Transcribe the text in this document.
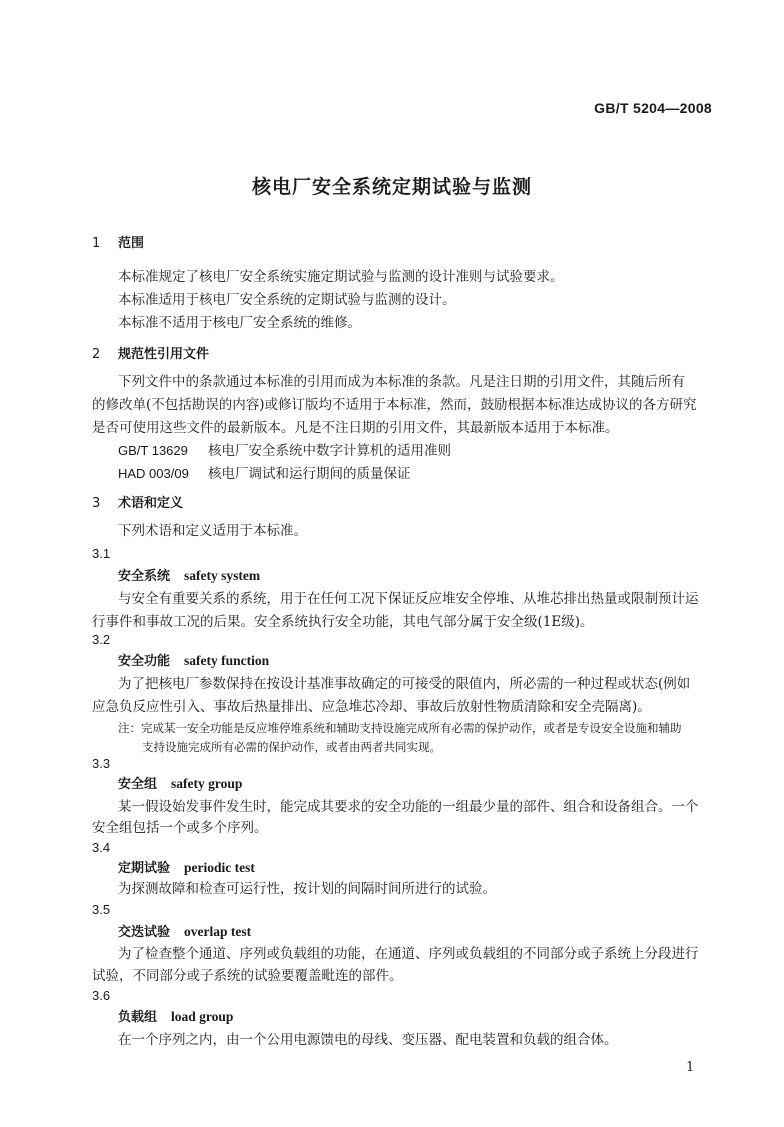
GB/T 5204—2008
核电厂安全系统定期试验与监测
1 范围
本标准规定了核电厂安全系统实施定期试验与监测的设计准则与试验要求。
本标准适用于核电厂安全系统的定期试验与监测的设计。
本标准不适用于核电厂安全系统的维修。
2 规范性引用文件
下列文件中的条款通过本标准的引用而成为本标准的条款。凡是注日期的引用文件，其随后所有
的修改单(不包括勘误的内容)或修订版均不适用于本标准，然而，鼓励根据本标准达成协议的各方研究
是否可使用这些文件的最新版本。凡是不注日期的引用文件，其最新版本适用于本标准。
GB/T 13629 核电厂安全系统中数字计算机的适用准则
HAD 003/09 核电厂调试和运行期间的质量保证
3 术语和定义
下列术语和定义适用于本标准。
3.1
安全系统 safety system
与安全有重要关系的系统，用于在任何工况下保证反应堆安全停堆、从堆芯排出热量或限制预计运
行事件和事故工况的后果。安全系统执行安全功能，其电气部分属于安全级(1E级)。
3.2
安全功能 safety function
为了把核电厂参数保持在按设计基准事故确定的可接受的限值内，所必需的一种过程或状态(例如
应急负反应性引入、事故后热量排出、应急堆芯冷却、事故后放射性物质清除和安全壳隔离)。
注：完成某一安全功能是反应堆停堆系统和辅助支持设施完成所有必需的保护动作，或者是专设安全设施和辅助
支持设施完成所有必需的保护动作，或者由两者共同实现。
3.3
安全组 safety group
某一假设始发事件发生时，能完成其要求的安全功能的一组最少量的部件、组合和设备组合。一个
安全组包括一个或多个序列。
3.4
定期试验 periodic test
为探测故障和检查可运行性，按计划的间隔时间所进行的试验。
3.5
交迭试验 overlap test
为了检查整个通道、序列或负载组的功能，在通道、序列或负载组的不同部分或子系统上分段进行
试验，不同部分或子系统的试验要覆盖毗连的部件。
3.6
负载组 load group
在一个序列之内，由一个公用电源馈电的母线、变压器、配电装置和负载的组合体。
1
